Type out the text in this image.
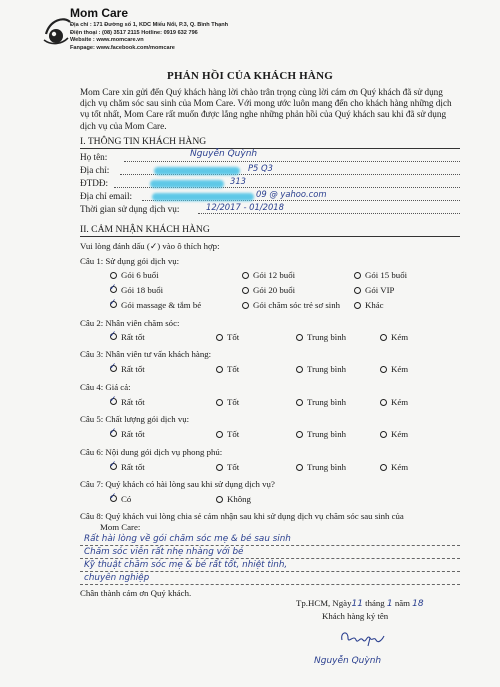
Mom Care
Địa chỉ : 171 Đường số 1, KDC Miếu Nổi, P.3, Q. Bình Thạnh
Điện thoại : (08) 3517 2115 Hotline: 0919 632 796
Website : www.momcare.vn
Fanpage: www.facebook.com/momcare
PHẢN HỒI CỦA KHÁCH HÀNG
Mom Care xin gửi đến Quý khách hàng lời chào trân trọng cùng lời cám ơn Quý khách đã sử dụng dịch vụ chăm sóc sau sinh của Mom Care. Với mong ước luôn mang đến cho khách hàng những dịch vụ tốt nhất, Mom Care rất muốn được lắng nghe những phản hồi của Quý khách sau khi đã sử dụng dịch vụ của Mom Care.
I. THÔNG TIN KHÁCH HÀNG
Họ tên:	Nguyễn Quỳnh
Địa chỉ:	P5 Q3
ĐTDĐ:	313
Địa chỉ email:	09 @ yahoo.com
Thời gian sử dụng dịch vụ:	12/2017 - 01/2018
II. CẢM NHẬN KHÁCH HÀNG
Vui lòng đánh dấu (✓) vào ô thích hợp:
Câu 1: Sử dụng gói dịch vụ:
Gói 6 buổi	Gói 12 buổi	Gói 15 buổi
✓ Gói 18 buổi	Gói 20 buổi	Gói VIP
✓ Gói massage & tắm bé	Gói chăm sóc trẻ sơ sinh	Khác
Câu 2: Nhân viên chăm sóc:
✓ Rất tốt	Tốt	Trung bình	Kém
Câu 3: Nhân viên tư vấn khách hàng:
✓ Rất tốt	Tốt	Trung bình	Kém
Câu 4: Giá cả:
✓ Rất tốt	Tốt	Trung bình	Kém
Câu 5: Chất lượng gói dịch vụ:
✓ Rất tốt	Tốt	Trung bình	Kém
Câu 6: Nội dung gói dịch vụ phong phú:
✓ Rất tốt	Tốt	Trung bình	Kém
Câu 7: Quý khách có hài lòng sau khi sử dụng dịch vụ?
✓ Có	Không
Câu 8: Quý khách vui lòng chia sẻ cảm nhận sau khi sử dụng dịch vụ chăm sóc sau sinh của
Mom Care:
Rất hài lòng về gói chăm sóc mẹ & bé sau sinh
Chăm sóc viên rất nhẹ nhàng với bé
Kỹ thuật chăm sóc mẹ & bé rất tốt, nhiệt tình,
chuyên nghiệp
Chân thành cám ơn Quý khách.
Tp.HCM, Ngày11 tháng 1 năm 18
Khách hàng ký tên
Nguyễn Quỳnh
